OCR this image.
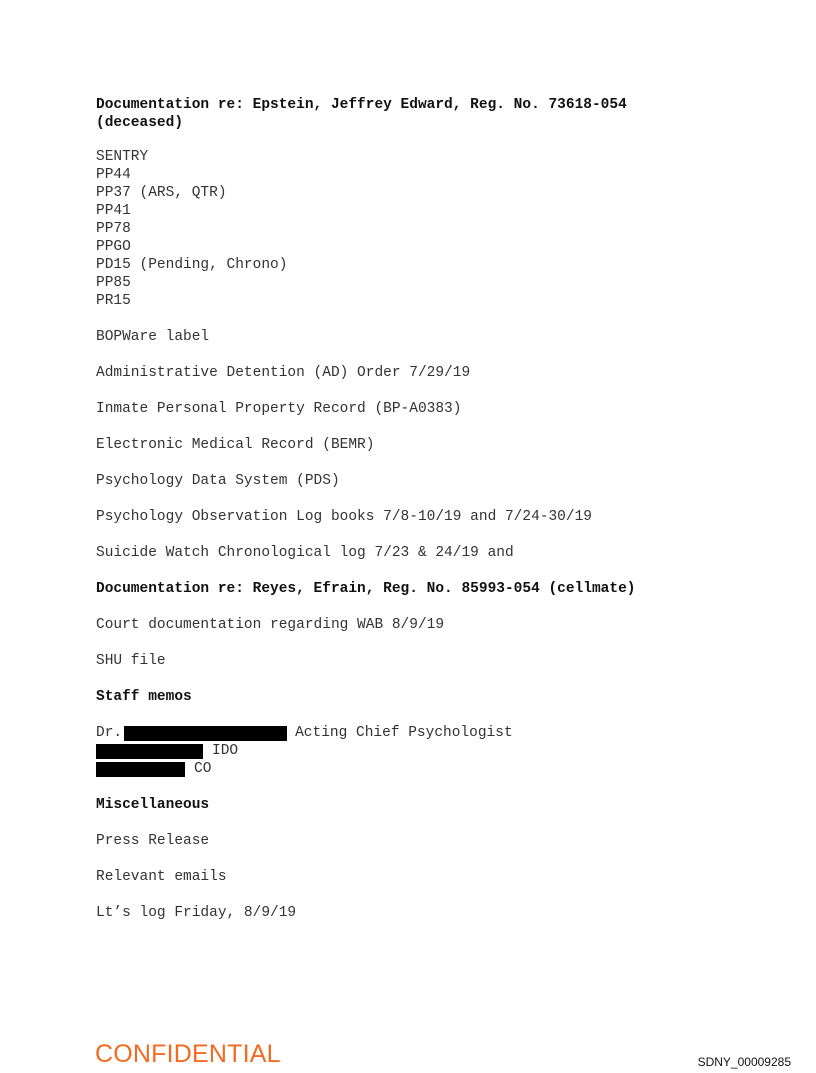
Documentation re: Epstein, Jeffrey Edward, Reg. No. 73618-054
(deceased)
SENTRY
PP44
PP37 (ARS, QTR)
PP41
PP78
PPGO
PD15 (Pending, Chrono)
PP85
PR15
BOPWare label
Administrative Detention (AD) Order 7/29/19
Inmate Personal Property Record (BP-A0383)
Electronic Medical Record (BEMR)
Psychology Data System (PDS)
Psychology Observation Log books 7/8-10/19 and 7/24-30/19
Suicide Watch Chronological log 7/23 & 24/19 and
Documentation re: Reyes, Efrain, Reg. No. 85993-054 (cellmate)
Court documentation regarding WAB 8/9/19
SHU file
Staff memos
Dr.	Acting Chief Psychologist
IDO
CO
Miscellaneous
Press Release
Relevant emails
Lt’s log Friday, 8/9/19
CONFIDENTIAL	SDNY_00009285
